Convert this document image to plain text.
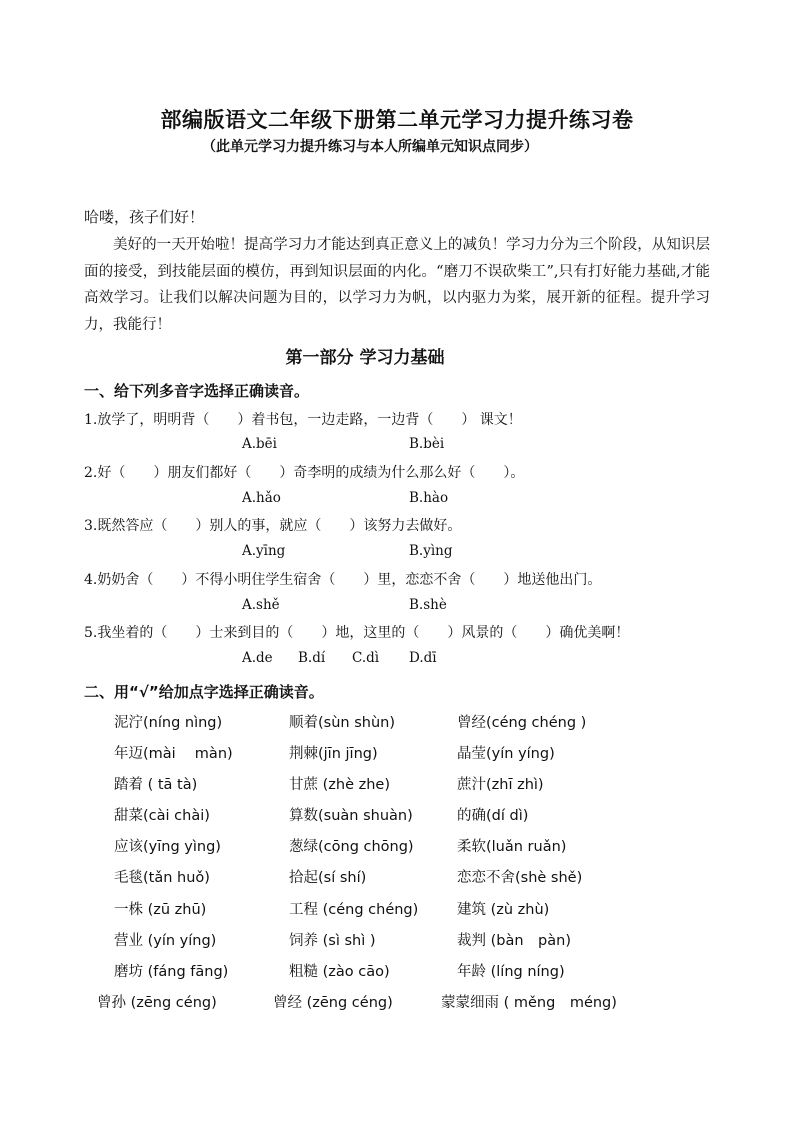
部编版语文二年级下册第二单元学习力提升练习卷
（此单元学习力提升练习与本人所编单元知识点同步）
哈喽，孩子们好！
美好的一天开始啦！提高学习力才能达到真正意义上的减负！学习力分为三个阶段，从知识层面的接受，到技能层面的模仿，再到知识层面的内化。“磨刀不误砍柴工”,只有打好能力基础,才能高效学习。让我们以解决问题为目的，以学习力为帆，以内驱力为桨，展开新的征程。提升学习力，我能行！
第一部分 学习力基础
一、给下列多音字选择正确读音。
1.放学了，明明背（　　）着书包，一边走路，一边背（　　） 课文！
A.bēi	B.bèi
2.好（　　）朋友们都好（　　）奇李明的成绩为什么那么好（　　）。
A.hǎo	B.hào
3.既然答应（　　）别人的事，就应（　　）该努力去做好。
A.yīng	B.yìng
4.奶奶舍（　　）不得小明住学生宿舍（　　）里，恋恋不舍（　　）地送他出门。
A.shě	B.shè
5.我坐着的（　　）士来到目的（　　）地，这里的（　　）风景的（　　）确优美啊！
A.de B.dí C.dì D.dī
二、用“√”给加点字选择正确读音。
泥泞(níng nìng)	顺着(sùn shùn)	曾经(céng chéng )
年迈(mài　 màn)	荆棘(jīn jīng)	晶莹(yín yíng)
踏着 ( tā tà)	甘蔗 (zhè zhe)	蔗汁(zhī zhì)
甜菜(cài chài)	算数(suàn shuàn)	的确(dí dì)
应该(yīng yìng)	葱绿(cōng chōng)	柔软(luǎn ruǎn)
毛毯(tǎn huǒ)	拾起(sí shí)	恋恋不舍(shè shě)
一株 (zū zhū)	工程 (céng chéng)	建筑 (zù zhù)
营业 (yín yíng)	饲养 (sì shì )	裁判 (bàn　pàn)
磨坊 (fáng fāng)	粗糙 (zào cāo)	年龄 (líng níng)
曾孙 (zēng céng)	曾经 (zēng céng)	蒙蒙细雨 ( měng　méng)
